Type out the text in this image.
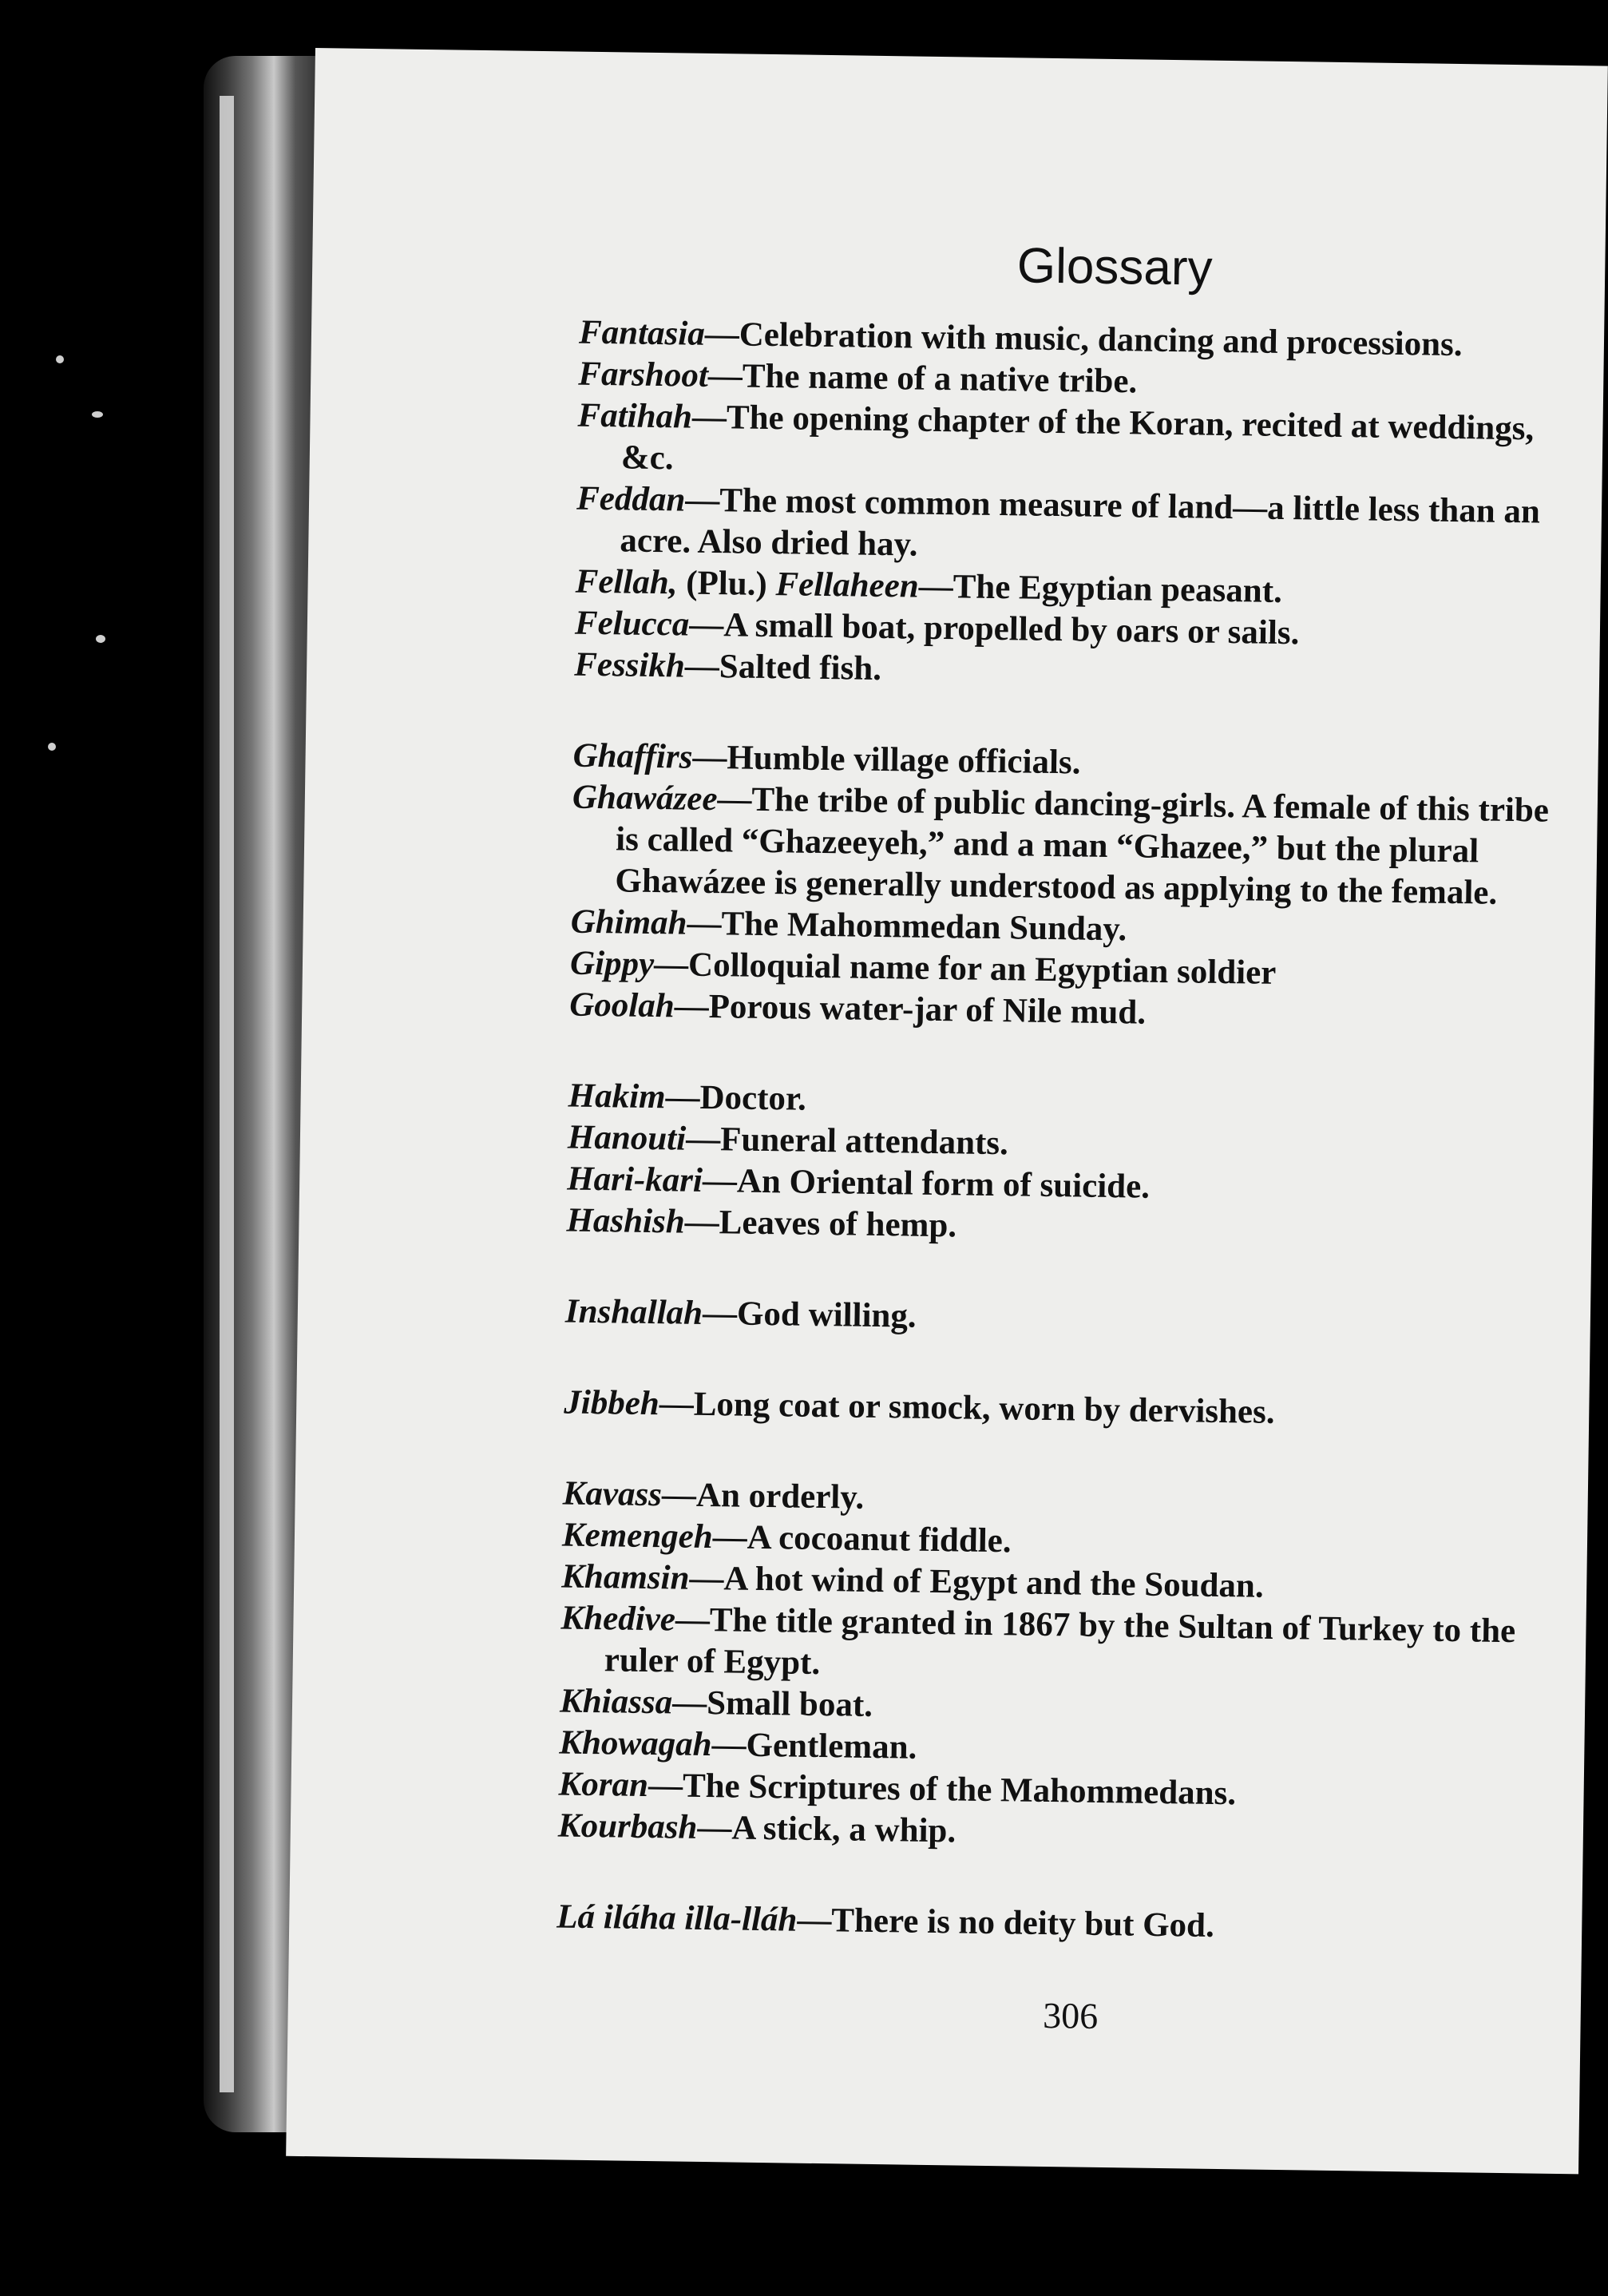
Glossary
Fantasia—Celebration with music, dancing and processions.
Farshoot—The name of a native tribe.
Fatihah—The opening chapter of the Koran, recited at weddings, &c.
Feddan—The most common measure of land—a little less than an acre. Also dried hay.
Fellah, (Plu.) Fellaheen—The Egyptian peasant.
Felucca—A small boat, propelled by oars or sails.
Fessikh—Salted fish.
Ghaffirs—Humble village officials.
Ghawázee—The tribe of public dancing-girls. A female of this tribe is called “Ghazeeyeh,” and a man “Ghazee,” but the plural Ghawázee is generally understood as applying to the female.
Ghimah—The Mahommedan Sunday.
Gippy—Colloquial name for an Egyptian soldier
Goolah—Porous water-jar of Nile mud.
Hakim—Doctor.
Hanouti—Funeral attendants.
Hari-kari—An Oriental form of suicide.
Hashish—Leaves of hemp.
Inshallah—God willing.
Jibbeh—Long coat or smock, worn by dervishes.
Kavass—An orderly.
Kemengeh—A cocoanut fiddle.
Khamsin—A hot wind of Egypt and the Soudan.
Khedive—The title granted in 1867 by the Sultan of Turkey to the ruler of Egypt.
Khiassa—Small boat.
Khowagah—Gentleman.
Koran—The Scriptures of the Mahommedans.
Kourbash—A stick, a whip.
Lá iláha illa-lláh—There is no deity but God.
306
